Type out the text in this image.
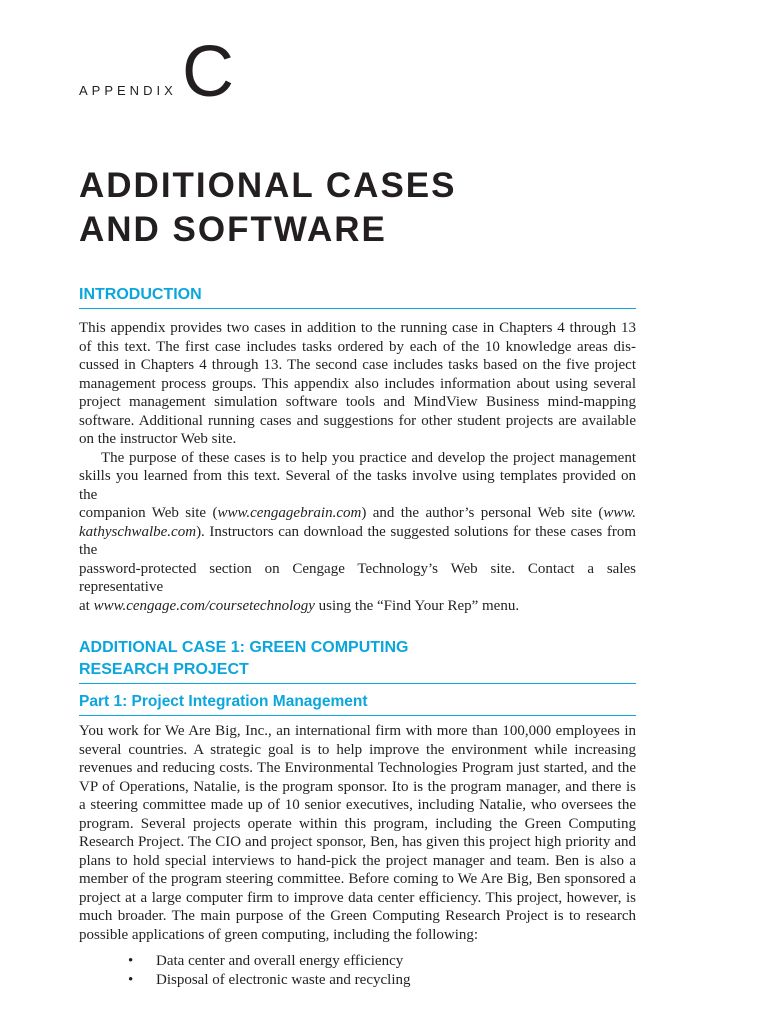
APPENDIX C
ADDITIONAL CASES
AND SOFTWARE
INTRODUCTION

This appendix provides two cases in addition to the running case in Chapters 4 through 13
of this text. The first case includes tasks ordered by each of the 10 knowledge areas dis-
cussed in Chapters 4 through 13. The second case includes tasks based on the five project
management process groups. This appendix also includes information about using several
project management simulation software tools and MindView Business mind-mapping
software. Additional running cases and suggestions for other student projects are available
on the instructor Web site.

The purpose of these cases is to help you practice and develop the project management
skills you learned from this text. Several of the tasks involve using templates provided on the
companion Web site (www.cengagebrain.com) and the author’s personal Web site (www.
kathyschwalbe.com). Instructors can download the suggested solutions for these cases from the
password-protected section on Cengage Technology’s Web site. Contact a sales representative
at www.cengage.com/coursetechnology using the “Find Your Rep” menu.

ADDITIONAL CASE 1: GREEN COMPUTING
RESEARCH PROJECT
Part 1: Project Integration Management

You work for We Are Big, Inc., an international firm with more than 100,000 employees in
several countries. A strategic goal is to help improve the environment while increasing
revenues and reducing costs. The Environmental Technologies Program just started, and the
VP of Operations, Natalie, is the program sponsor. Ito is the program manager, and there is
a steering committee made up of 10 senior executives, including Natalie, who oversees the
program. Several projects operate within this program, including the Green Computing
Research Project. The CIO and project sponsor, Ben, has given this project high priority and
plans to hold special interviews to hand-pick the project manager and team. Ben is also a
member of the program steering committee. Before coming to We Are Big, Ben sponsored a
project at a large computer firm to improve data center efficiency. This project, however, is
much broader. The main purpose of the Green Computing Research Project is to research
possible applications of green computing, including the following:

• Data center and overall energy efficiency
• Disposal of electronic waste and recycling
